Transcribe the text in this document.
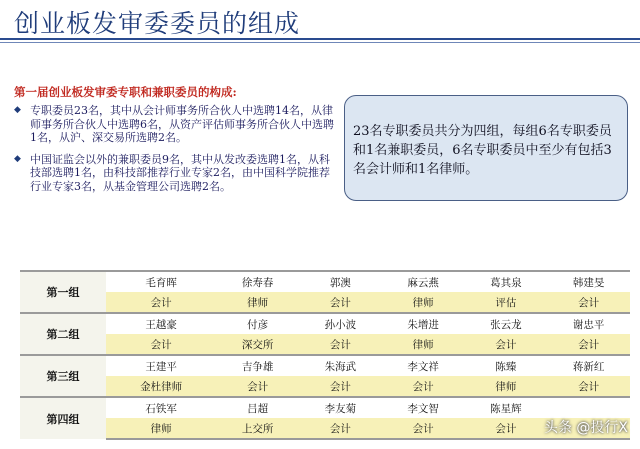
创业板发审委委员的组成
第一届创业板发审委专职和兼职委员的构成:
◆ 专职委员23名，其中从会计师事务所合伙人中选聘14名，从律师事务所合伙人中选聘6名，从资产评估师事务所合伙人中选聘1名，从沪、深交易所选聘2名。
◆ 中国证监会以外的兼职委员9名，其中从发改委选聘1名，从科技部选聘1名，由科技部推荐行业专家2名，由中国科学院推荐行业专家3名，从基金管理公司选聘2名。
23名专职委员共分为四组，每组6名专职委员和1名兼职委员，6名专职委员中至少有包括3名会计师和1名律师。
第一组	毛育晖	徐寿春	郭澳	麻云燕	葛其泉	韩建旻
	会计	律师	会计	律师	评估	会计
第二组	王越豪	付彦	孙小波	朱增进	张云龙	谢忠平
	会计	深交所	会计	律师	会计	会计
第三组	王建平	吉争雄	朱海武	李文祥	陈臻	蒋新红
	金杜律师	会计	会计	会计	律师	会计
第四组	石铁军	吕超	李友菊	李文智	陈星辉	
	律师	上交所	会计	会计	会计	头条 @投行X
